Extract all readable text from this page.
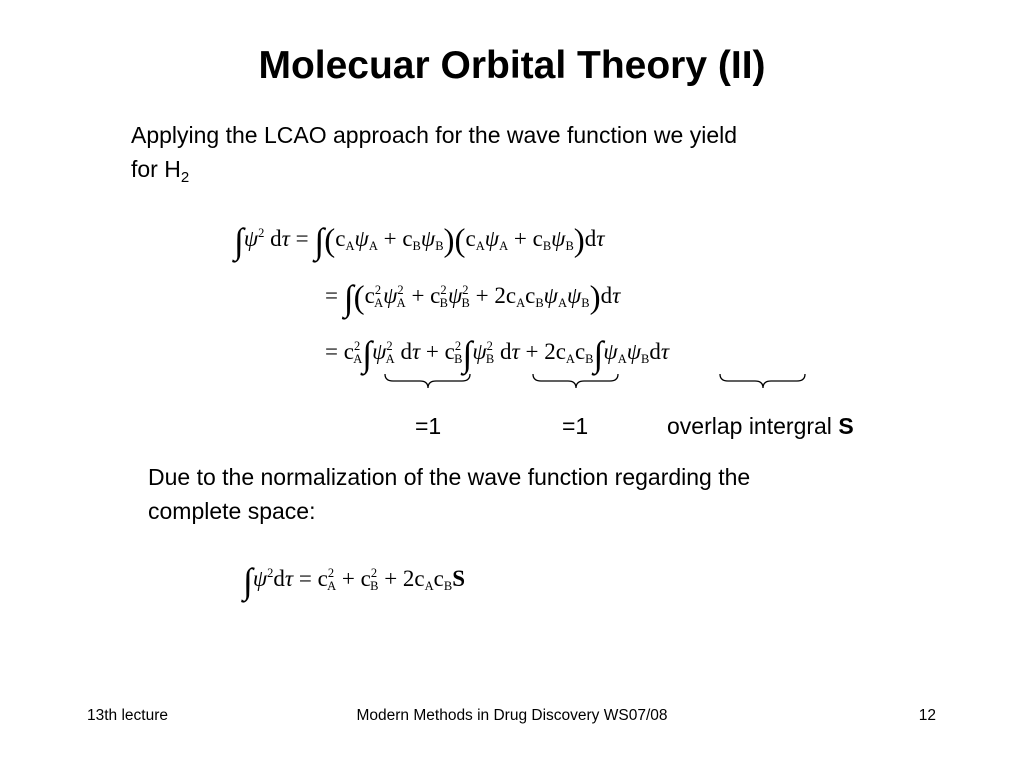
Molecuar Orbital Theory (II)
Applying the LCAO approach for the wave function we yield
for $H_2$
$\int\psi^2$ $d\tau = \int(c_A\psi_A + c_B\psi_B)(c_A\psi_A + c_B\psi_B)d\tau$
= $\int(c^2_A\psi^2_A + c^2_B\psi^2_B + 2c_Ac_B\psi_A\psi_B)d\tau$
= $c^2_A\int\psi^2_A$ $d\tau + c^2_B\int\psi^2_B$ $d\tau + 2c_Ac_B\int\psi_A\psi_Bd\tau$
=1	=1	overlap intergral S
Due to the normalization of the wave function regarding the
complete space:
$\int\psi^2d\tau = c^2_A + c^2_B + 2c_Ac_BS$
13th lecture	Modern Methods in Drug Discovery WS07/08	12
